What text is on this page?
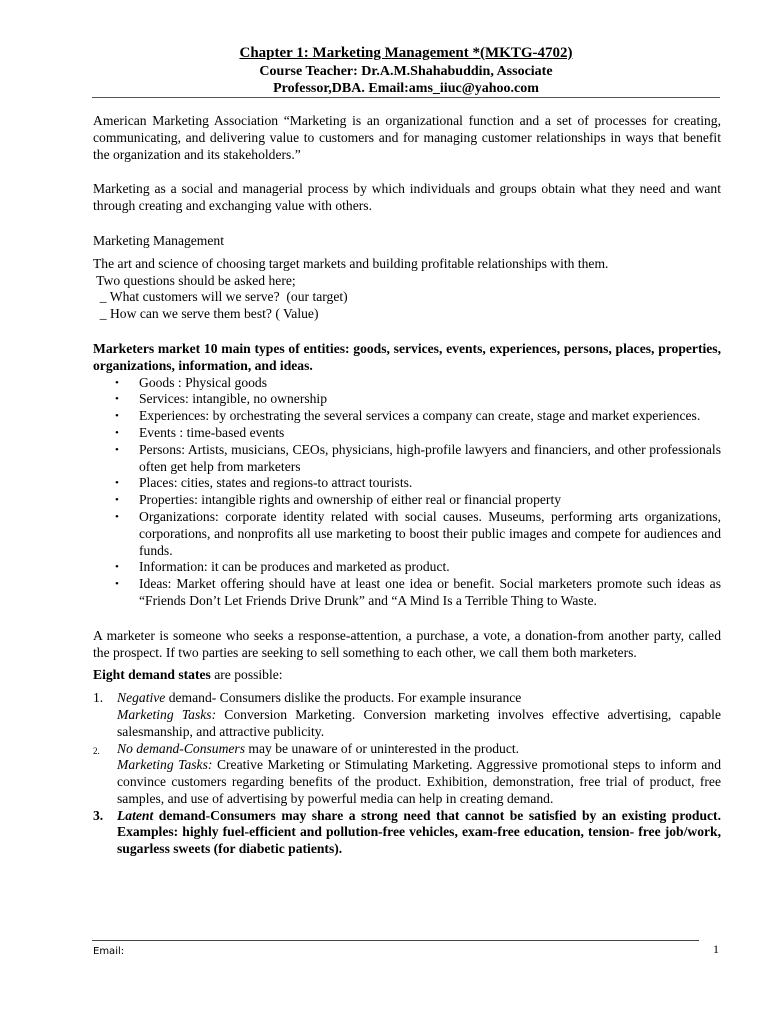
Chapter 1: Marketing Management *(MKTG-4702)
Course Teacher: Dr.A.M.Shahabuddin, Associate
Professor,DBA. Email:ams_iiuc@yahoo.com

American Marketing Association “Marketing is an organizational function and a set of processes for creating, communicating, and delivering value to customers and for managing customer relationships in ways that benefit the organization and its stakeholders.”

Marketing as a social and managerial process by which individuals and groups obtain what they need and want through creating and exchanging value with others.

Marketing Management

The art and science of choosing target markets and building profitable relationships with them.

Two questions should be asked here;

_ What customers will we serve?  (our target)

_ How can we serve them best? ( Value)

Marketers market 10 main types of entities: goods, services, events, experiences, persons, places, properties, organizations, information, and ideas.

• Goods : Physical goods
• Services: intangible, no ownership
• Experiences: by orchestrating the several services a company can create, stage and market experiences.
• Events : time-based events
• Persons: Artists, musicians, CEOs, physicians, high-profile lawyers and financiers, and other professionals often get help from marketers
• Places: cities, states and regions-to attract tourists.
• Properties: intangible rights and ownership of either real or financial property
• Organizations: corporate identity related with social causes. Museums, performing arts organizations, corporations, and nonprofits all use marketing to boost their public images and compete for audiences and funds.
• Information: it can be produces and marketed as product.
• Ideas: Market offering should have at least one idea or benefit. Social marketers promote such ideas as “Friends Don’t Let Friends Drive Drunk” and “A Mind Is a Terrible Thing to Waste.

A marketer is someone who seeks a response-attention, a purchase, a vote, a donation-from another party, called the prospect. If two parties are seeking to sell something to each other, we call them both marketers.

Eight demand states are possible:

1. Negative demand- Consumers dislike the products. For example insurance
Marketing Tasks: Conversion Marketing. Conversion marketing involves effective advertising, capable salesmanship, and attractive publicity.
2. No demand-Consumers may be unaware of or uninterested in the product.
Marketing Tasks: Creative Marketing or Stimulating Marketing. Aggressive promotional steps to inform and convince customers regarding benefits of the product. Exhibition, demonstration, free trial of product, free samples, and use of advertising by powerful media can help in creating demand.
3. Latent demand-Consumers may share a strong need that cannot be satisfied by an existing product. Examples: highly fuel-efficient and pollution-free vehicles, exam-free education, tension- free job/work, sugarless sweets (for diabetic patients).
Email:	1
